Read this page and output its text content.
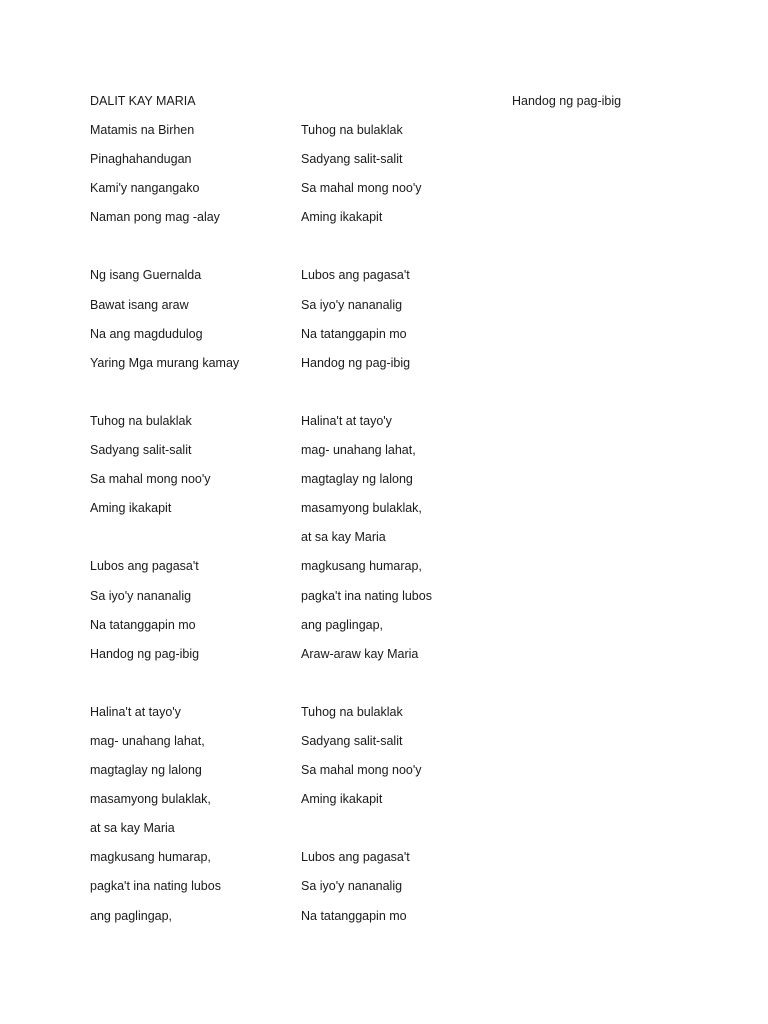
DALIT KAY MARIA	Handog ng pag-ibig
Matamis na Birhen
Pinaghahandugan
Kami'y nangangako
Naman pong mag -alay
Ng isang Guernalda
Bawat isang araw
Na ang magdudulog
Yaring Mga murang kamay
Tuhog na bulaklak
Sadyang salit-salit
Sa mahal mong noo'y
Aming ikakapit
Lubos ang pagasa't
Sa iyo'y nananalig
Na tatanggapin mo
Handog ng pag-ibig
Halina't at tayo'y
mag- unahang lahat,
magtaglay ng lalong
masamyong bulaklak,
at sa kay Maria
magkusang humarap,
pagka't ina nating lubos
ang paglingap,
Tuhog na bulaklak
Sadyang salit-salit
Sa mahal mong noo'y
Aming ikakapit
Lubos ang pagasa't
Sa iyo'y nananalig
Na tatanggapin mo
Handog ng pag-ibig
Halina't at tayo'y
mag- unahang lahat,
magtaglay ng lalong
masamyong bulaklak,
at sa kay Maria
magkusang humarap,
pagka't ina nating lubos
ang paglingap,
Araw-araw kay Maria
Tuhog na bulaklak
Sadyang salit-salit
Sa mahal mong noo'y
Aming ikakapit
Lubos ang pagasa't
Sa iyo'y nananalig
Na tatanggapin mo
